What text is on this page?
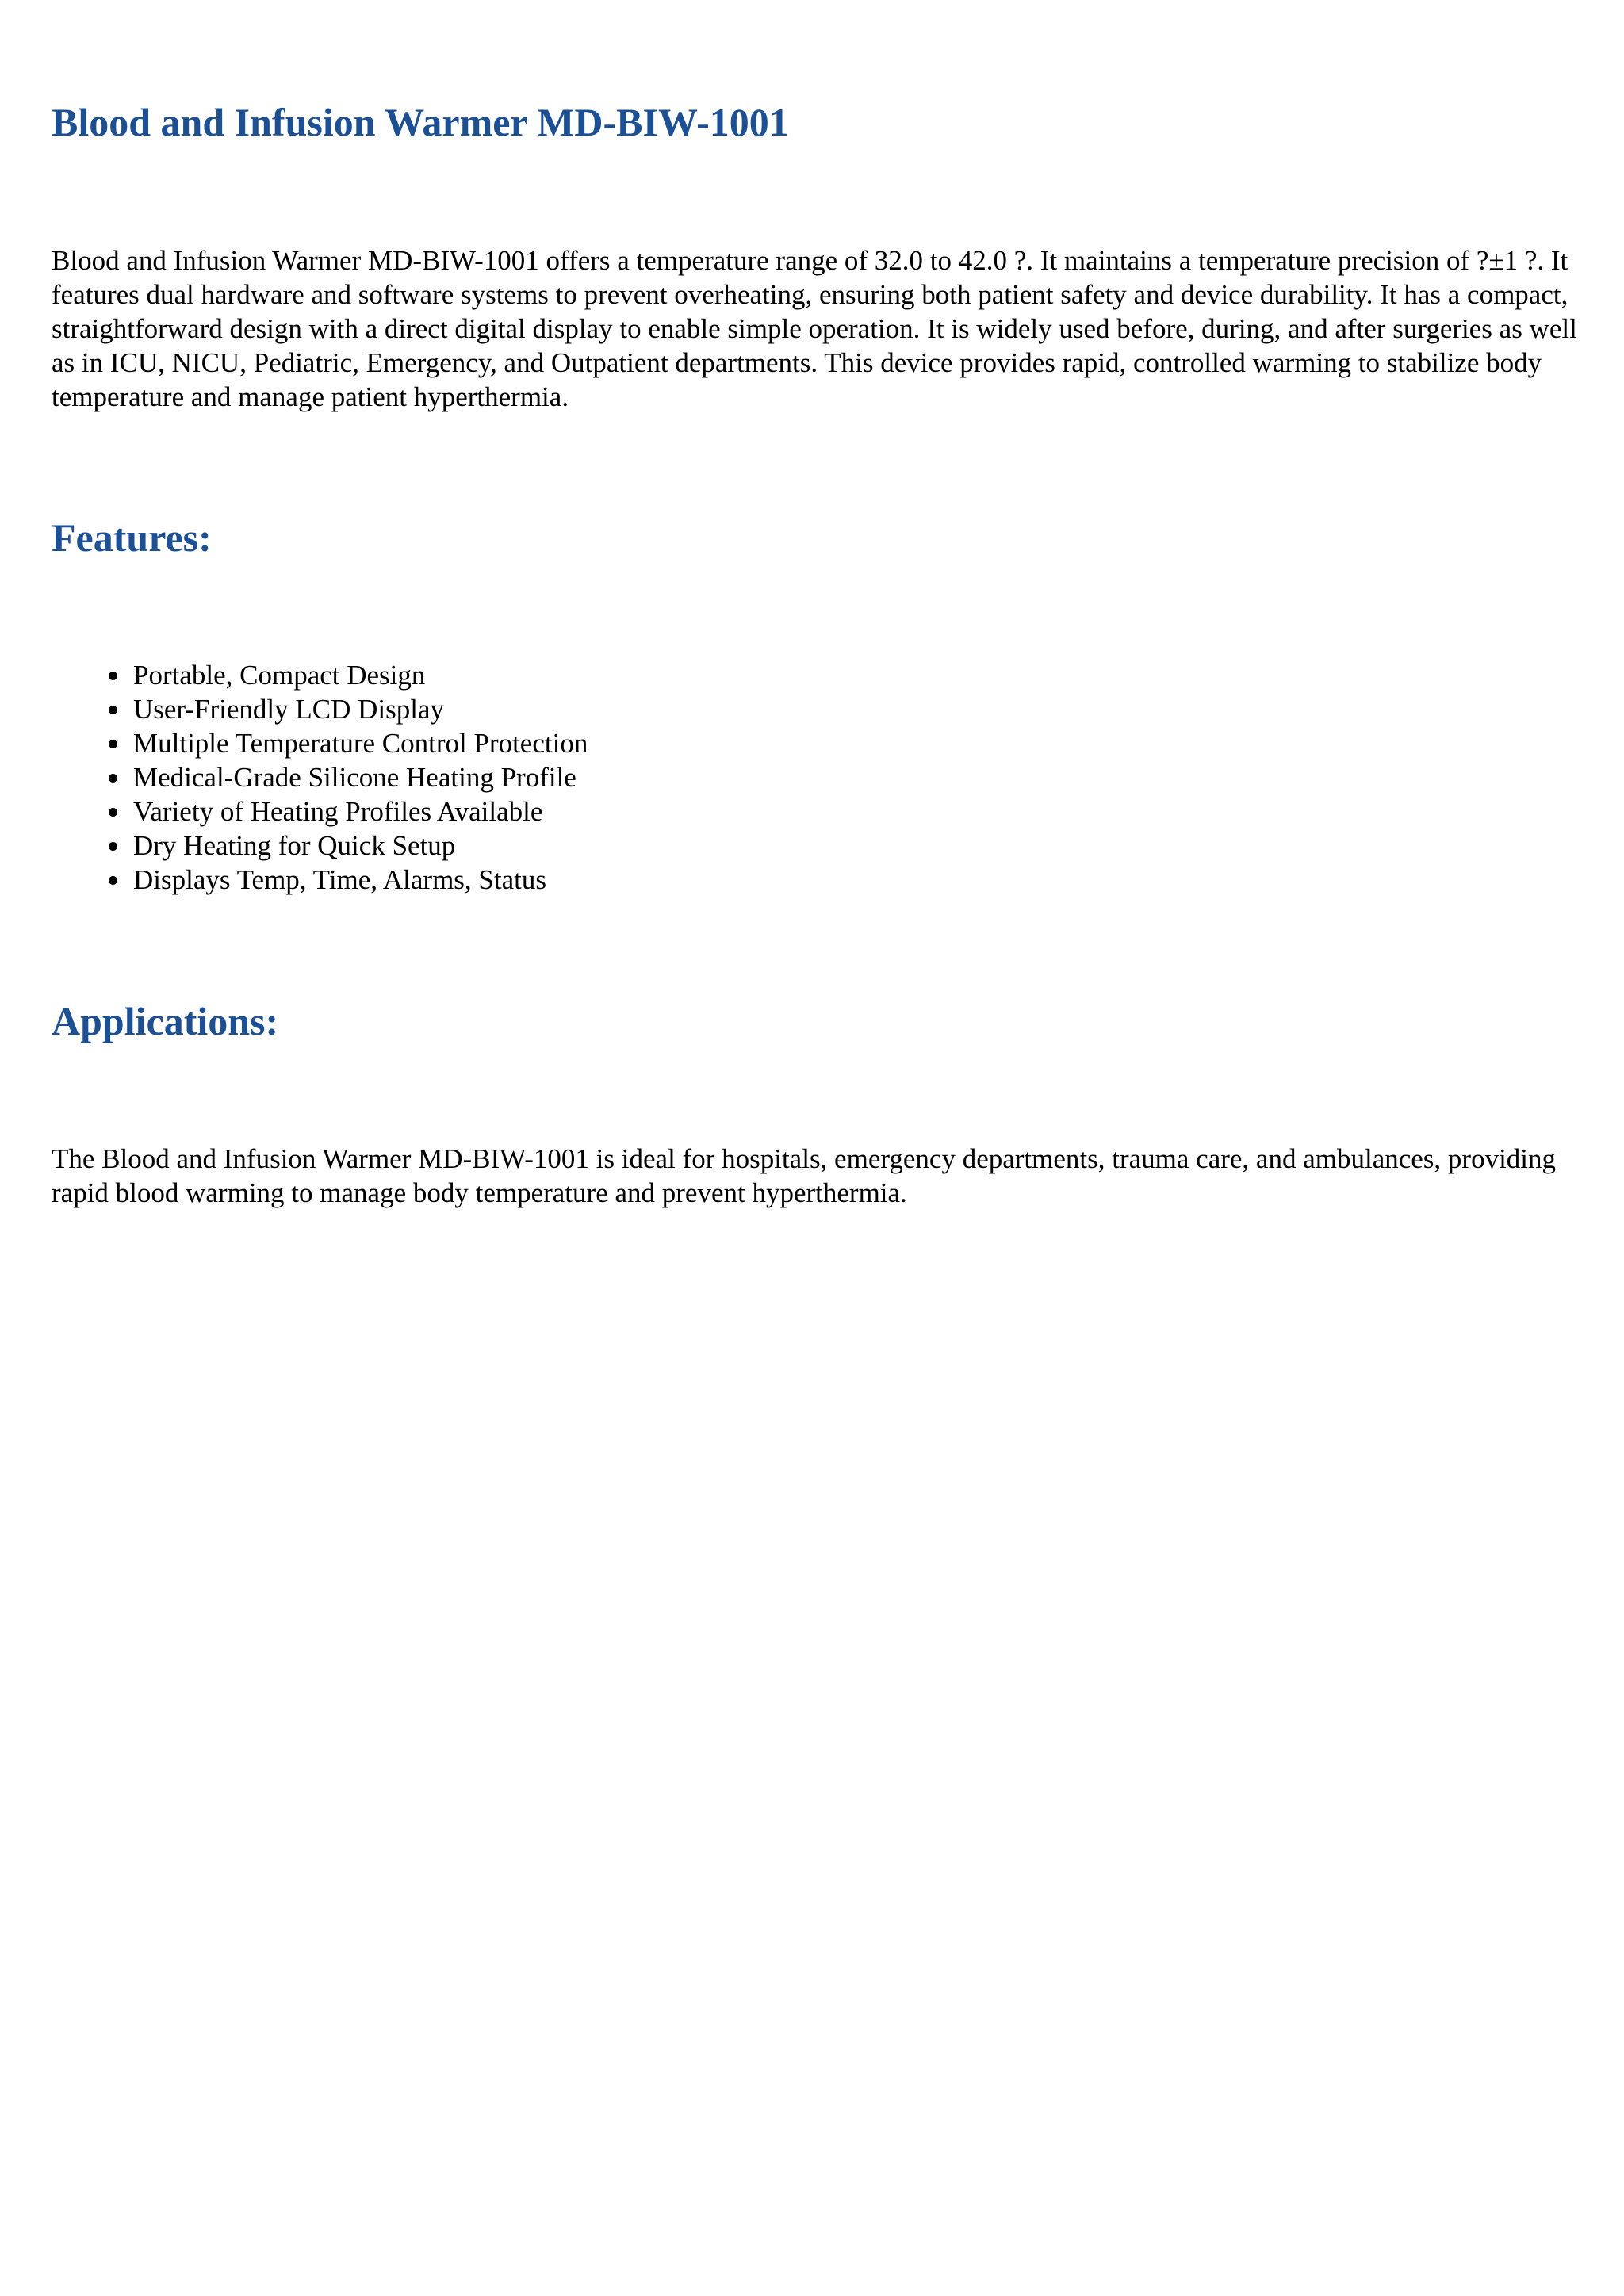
Blood and Infusion Warmer MD-BIW-1001

Blood and Infusion Warmer MD-BIW-1001 offers a temperature range of 32.0 to 42.0 ?. It maintains a temperature precision of ?±1 ?. It features dual hardware and software systems to prevent overheating, ensuring both patient safety and device durability. It has a compact, straightforward design with a direct digital display to enable simple operation. It is widely used before, during, and after surgeries as well as in ICU, NICU, Pediatric, Emergency, and Outpatient departments. This device provides rapid, controlled warming to stabilize body temperature and manage patient hyperthermia.

Features:
Portable, Compact Design
User-Friendly LCD Display
Multiple Temperature Control Protection
Medical-Grade Silicone Heating Profile
Variety of Heating Profiles Available
Dry Heating for Quick Setup
Displays Temp, Time, Alarms, Status
Applications:

The Blood and Infusion Warmer MD-BIW-1001 is ideal for hospitals, emergency departments, trauma care, and ambulances, providing rapid blood warming to manage body temperature and prevent hyperthermia.
